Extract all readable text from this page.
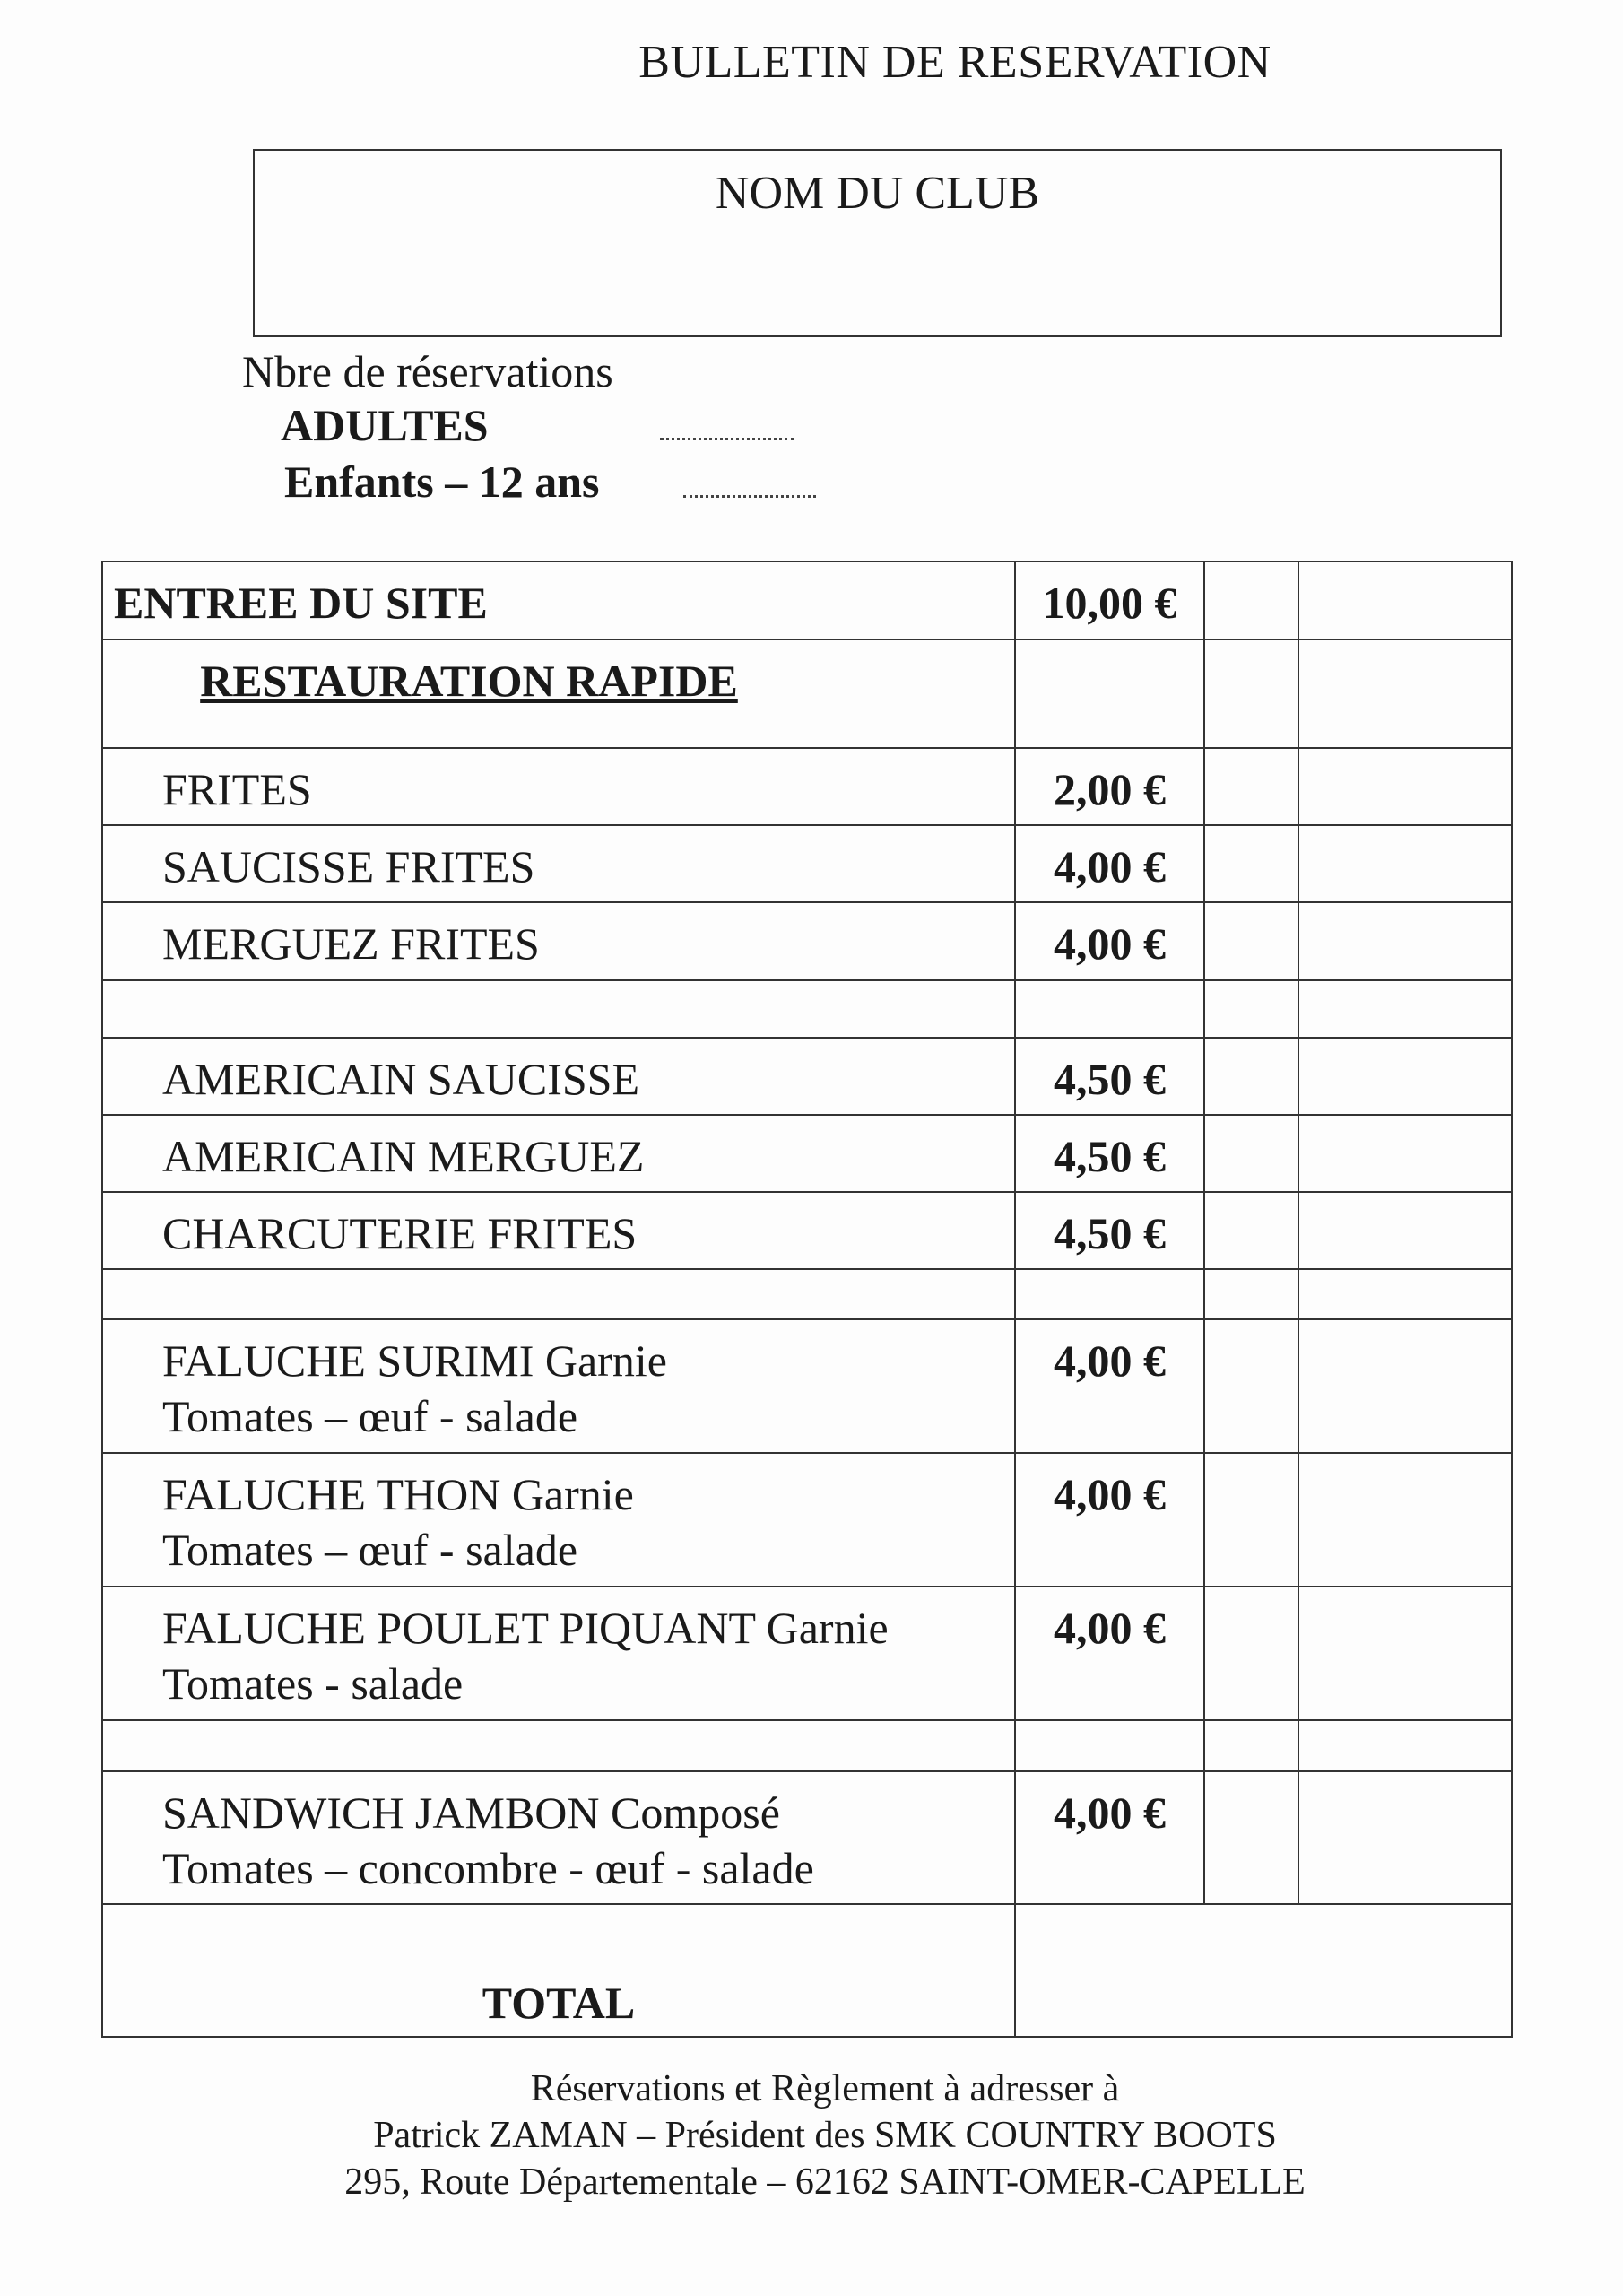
BULLETIN DE RESERVATION
NOM DU CLUB
Nbre de réservations
ADULTES
Enfants – 12 ans
ENTREE DU SITE	10,00 €		

RESTAURATION RAPIDE			

FRITES	2,00 €		

SAUCISSE FRITES	4,00 €		

MERGUEZ FRITES	4,00 €		

AMERICAIN SAUCISSE	4,50 €		

AMERICAIN MERGUEZ	4,50 €		

CHARCUTERIE FRITES	4,50 €		

FALUCHE SURIMI Garnie
Tomates – œuf - salade	4,00 €		

FALUCHE THON Garnie
Tomates – œuf - salade	4,00 €		

FALUCHE POULET PIQUANT Garnie
Tomates - salade	4,00 €		

SANDWICH JAMBON Composé
Tomates – concombre - œuf - salade	4,00 €		

TOTAL			
Réservations et Règlement à adresser à
Patrick ZAMAN – Président des SMK COUNTRY BOOTS
295, Route Départementale – 62162 SAINT-OMER-CAPELLE
